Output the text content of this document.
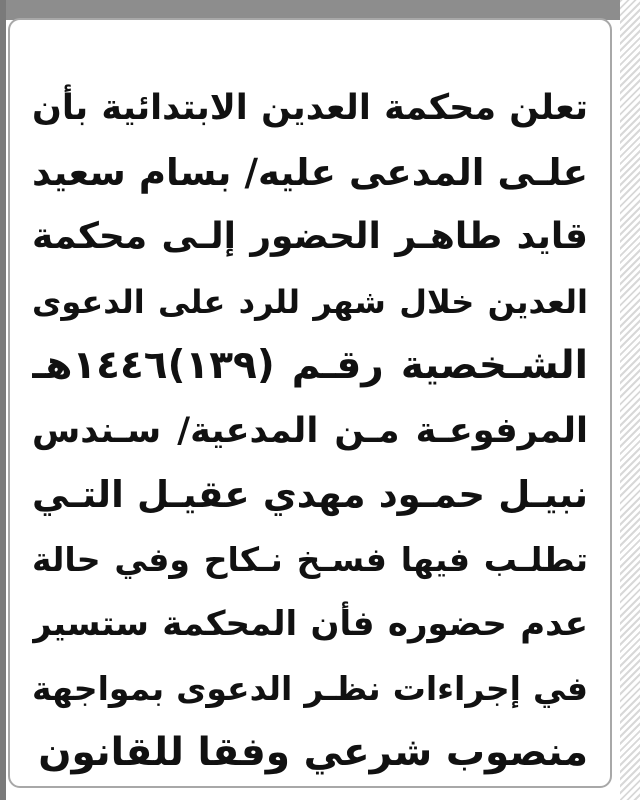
تعلن محكمة العدين الابتدائية بأن
علـى المدعى عليه/ بسام سعيد
قايد طاهـر الحضور إلـى محكمة
العدين خلال شهر للرد على الدعوى
الشـخصية رقـم (١٣٩)١٤٤٦هـ
المرفوعـة مـن المدعية/ سـندس
نبيـل حمـود مهدي عقيـل التـي
تطلـب فيها فسـخ نـكاح وفي حالة
عدم حضوره فأن المحكمة ستسير
في إجراءات نظـر الدعوى بمواجهة
منصوب شرعي وفقا للقانون
